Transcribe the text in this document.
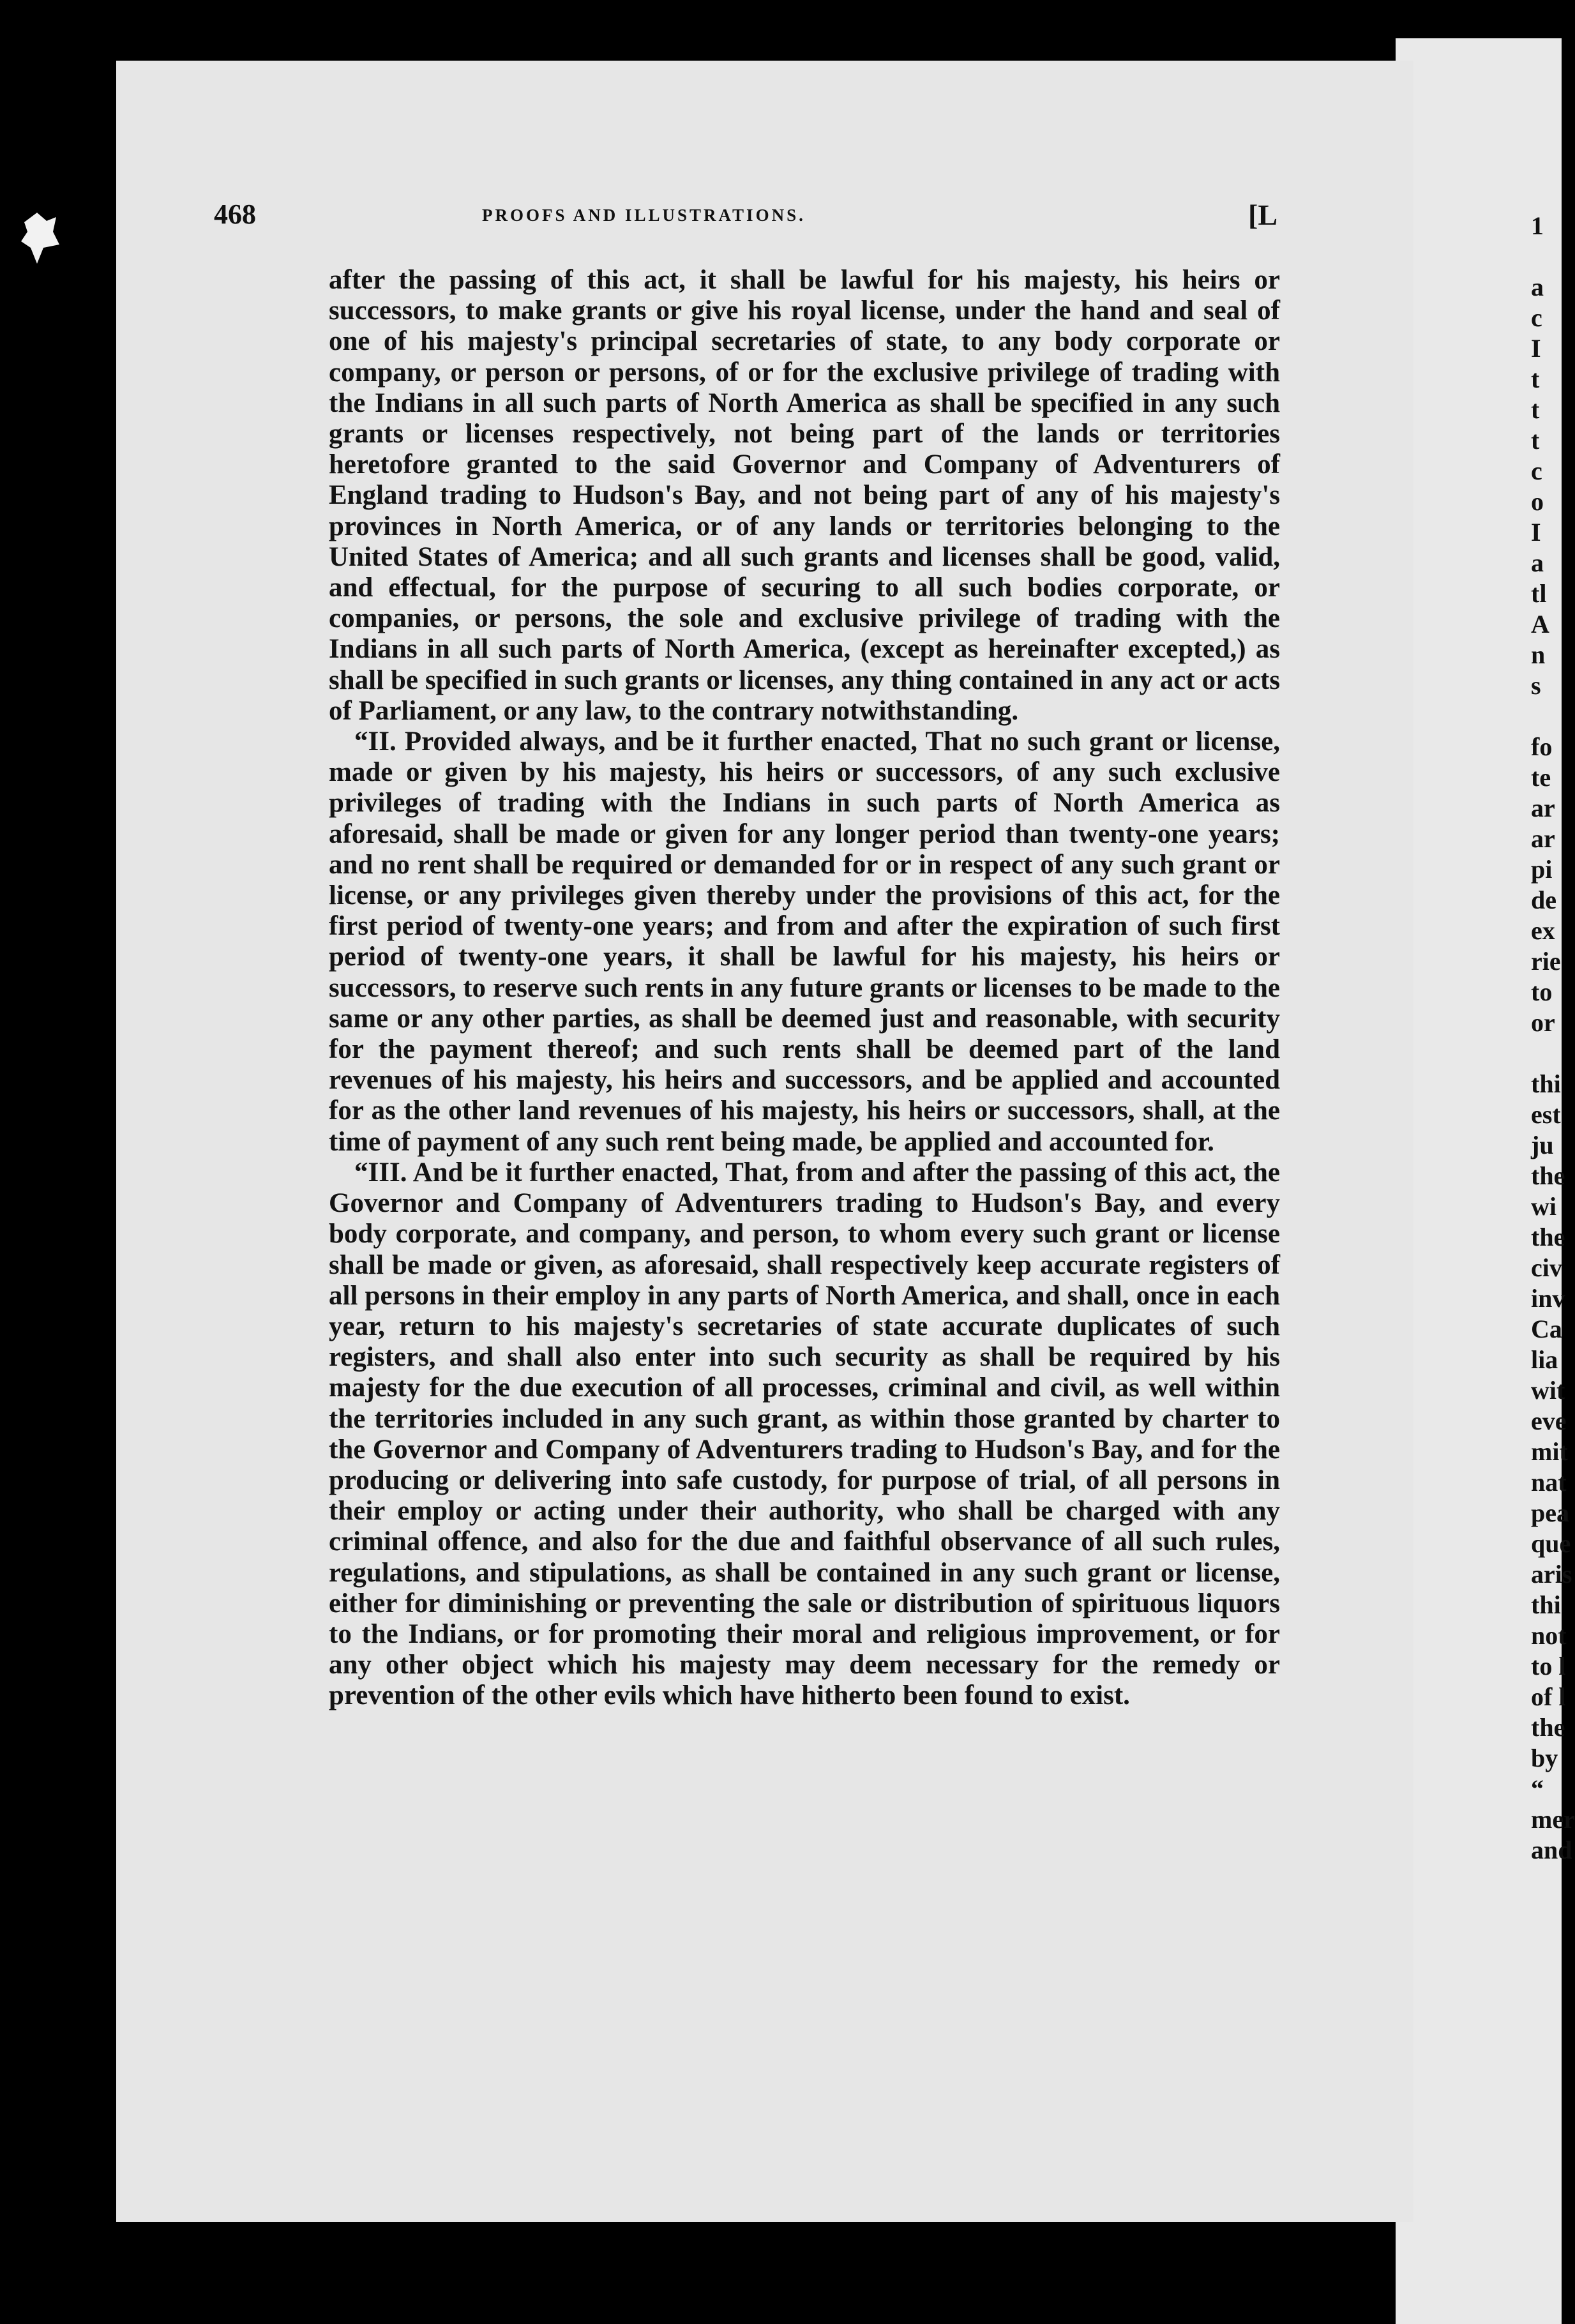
1
a
c
I
t
t
t
c
o
I
a
tl
A
n
s
fo
te
ar
ar
pi
de
ex
rie
to
or
thi
est
ju
the
wi
the
civ
inv
Ca
lia
wit
eve
mit
nat
pea
que
aris
thi
not
to l
of l
the
by
“
mer
and
468	PROOFS AND ILLUSTRATIONS.	[L

after the passing of this act, it shall be lawful for his majesty, his heirs or successors, to make grants or give his royal license, under the hand and seal of one of his majesty's principal secretaries of state, to any body corporate or company, or person or persons, of or for the exclusive privilege of trading with the Indians in all such parts of North America as shall be specified in any such grants or licenses respectively, not being part of the lands or territories heretofore granted to the said Governor and Company of Adventurers of England trading to Hudson's Bay, and not being part of any of his majesty's provinces in North America, or of any lands or territories belonging to the United States of America; and all such grants and licenses shall be good, valid, and effectual, for the purpose of securing to all such bodies corporate, or companies, or persons, the sole and exclusive privilege of trading with the Indians in all such parts of North America, (except as hereinafter excepted,) as shall be specified in such grants or licenses, any thing contained in any act or acts of Parliament, or any law, to the contrary notwithstanding.

“II. Provided always, and be it further enacted, That no such grant or license, made or given by his majesty, his heirs or successors, of any such exclusive privileges of trading with the Indians in such parts of North America as aforesaid, shall be made or given for any longer period than twenty-one years; and no rent shall be required or demanded for or in respect of any such grant or license, or any privileges given thereby under the provisions of this act, for the first period of twenty-one years; and from and after the expiration of such first period of twenty-one years, it shall be lawful for his majesty, his heirs or successors, to reserve such rents in any future grants or licenses to be made to the same or any other parties, as shall be deemed just and reasonable, with security for the payment thereof; and such rents shall be deemed part of the land revenues of his majesty, his heirs and successors, and be applied and accounted for as the other land revenues of his majesty, his heirs or successors, shall, at the time of payment of any such rent being made, be applied and accounted for.

“III. And be it further enacted, That, from and after the passing of this act, the Governor and Company of Adventurers trading to Hudson's Bay, and every body corporate, and company, and person, to whom every such grant or license shall be made or given, as aforesaid, shall respectively keep accurate registers of all persons in their employ in any parts of North America, and shall, once in each year, return to his majesty's secretaries of state accurate duplicates of such registers, and shall also enter into such security as shall be required by his majesty for the due execution of all processes, criminal and civil, as well within the territories included in any such grant, as within those granted by charter to the Governor and Company of Adventurers trading to Hudson's Bay, and for the producing or delivering into safe custody, for purpose of trial, of all persons in their employ or acting under their authority, who shall be charged with any criminal offence, and also for the due and faithful observance of all such rules, regulations, and stipulations, as shall be contained in any such grant or license, either for diminishing or preventing the sale or distribution of spirituous liquors to the Indians, or for promoting their moral and religious improvement, or for any other object which his majesty may deem necessary for the remedy or prevention of the other evils which have hitherto been found to exist.
